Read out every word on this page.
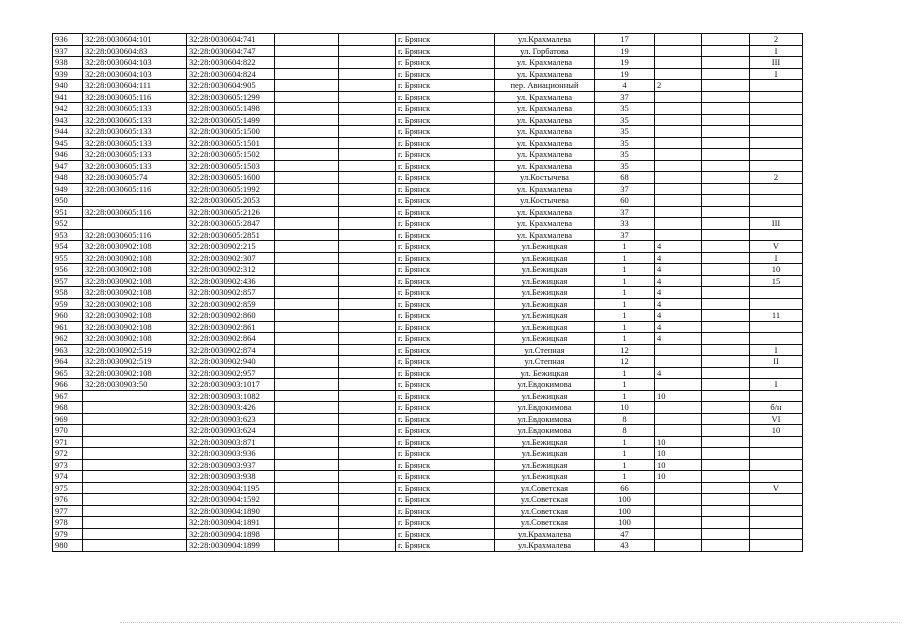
936	32:28:0030604:101	32:28:0030604:741			г. Брянск	ул.Крахмалева	17			2
937	32:28:0030604:83	32:28:0030604:747			г. Брянск	ул. Горбатова	19			I
938	32:28:0030604:103	32:28:0030604:822			г. Брянск	ул. Крахмалева	19			III
939	32:28:0030604:103	32:28:0030604:824			г. Брянск	ул. Крахмалева	19			I
940	32:28:0030604:111	32:28:0030604:905			г. Брянск	пер. Авиационный	4	2		
941	32:28:0030605:116	32:28:0030605:1299			г. Брянск	ул. Крахмалева	37			
942	32:28:0030605:133	32:28:0030605:1498			г. Брянск	ул. Крахмалева	35			
943	32:28:0030605:133	32:28:0030605:1499			г. Брянск	ул. Крахмалева	35			
944	32:28:0030605:133	32:28:0030605:1500			г. Брянск	ул. Крахмалева	35			
945	32:28:0030605:133	32:28:0030605:1501			г. Брянск	ул. Крахмалева	35			
946	32:28:0030605:133	32:28:0030605:1502			г. Брянск	ул. Крахмалева	35			
947	32:28:0030605:133	32:28:0030605:1503			г. Брянск	ул. Крахмалева	35			
948	32:28:0030605:74	32:28:0030605:1600			г. Брянск	ул.Костычева	68			2
949	32:28:0030605:116	32:28:0030605:1992			г. Брянск	ул. Крахмалева	37			
950		32:28:0030605:2053			г. Брянск	ул.Костычева	60			
951	32:28:0030605:116	32:28:0030605:2126			г. Брянск	ул. Крахмалева	37			
952		32:28:0030605:2847			г. Брянск	ул. Крахмалева	33			III
953	32:28:0030605:116	32:28:0030605:2851			г. Брянск	ул. Крахмалева	37			
954	32:28:0030902:108	32:28:0030902:215			г. Брянск	ул.Бежицкая	1	4		V
955	32:28:0030902:108	32:28:0030902:307			г. Брянск	ул.Бежицкая	1	4		I
956	32:28:0030902:108	32:28:0030902:312			г. Брянск	ул.Бежицкая	1	4		10
957	32:28:0030902:108	32:28:0030902:436			г. Брянск	ул.Бежицкая	1	4		15
958	32:28:0030902:108	32:28:0030902:857			г. Брянск	ул.Бежицкая	1	4		
959	32:28:0030902:108	32:28:0030902:859			г. Брянск	ул.Бежицкая	1	4		
960	32:28:0030902:108	32:28:0030902:860			г. Брянск	ул.Бежицкая	1	4		11
961	32:28:0030902:108	32:28:0030902:861			г. Брянск	ул.Бежицкая	1	4		
962	32:28:0030902:108	32:28:0030902:864			г. Брянск	ул.Бежицкая	1	4		
963	32:28:0030902:519	32:28:0030902:874			г. Брянск	ул.Степная	12			I
964	32:28:0030902:519	32:28:0030902:940			г. Брянск	ул.Степная	12			II
965	32:28:0030902:108	32:28:0030902:957			г. Брянск	ул. Бежицкая	1	4		
966	32:28:0030903:50	32:28:0030903:1017			г. Брянск	ул.Евдокимова	1			I
967		32:28:0030903:1082			г. Брянск	ул.Бежицкая	1	10		
968		32:28:0030903:426			г. Брянск	ул.Евдокимова	10			б/н
969		32:28:0030903:623			г. Брянск	ул.Евдокимова	8			VI
970		32:28:0030903:624			г. Брянск	ул.Евдокимова	8			10
971		32:28:0030903:871			г. Брянск	ул.Бежицкая	1	10		
972		32:28:0030903:936			г. Брянск	ул.Бежицкая	1	10		
973		32:28:0030903:937			г. Брянск	ул.Бежицкая	1	10		
974		32:28:0030903:938			г. Брянск	ул.Бежицкая	1	10		
975		32:28:0030904:1195			г. Брянск	ул.Советская	66			V
976		32:28:0030904:1592			г. Брянск	ул.Советская	100			
977		32:28:0030904:1890			г. Брянск	ул.Советская	100			
978		32:28:0030904:1891			г. Брянск	ул.Советская	100			
979		32:28:0030904:1898			г. Брянск	ул.Крахмалева	47			
980		32:28:0030904:1899			г. Брянск	ул.Крахмалева	43			
